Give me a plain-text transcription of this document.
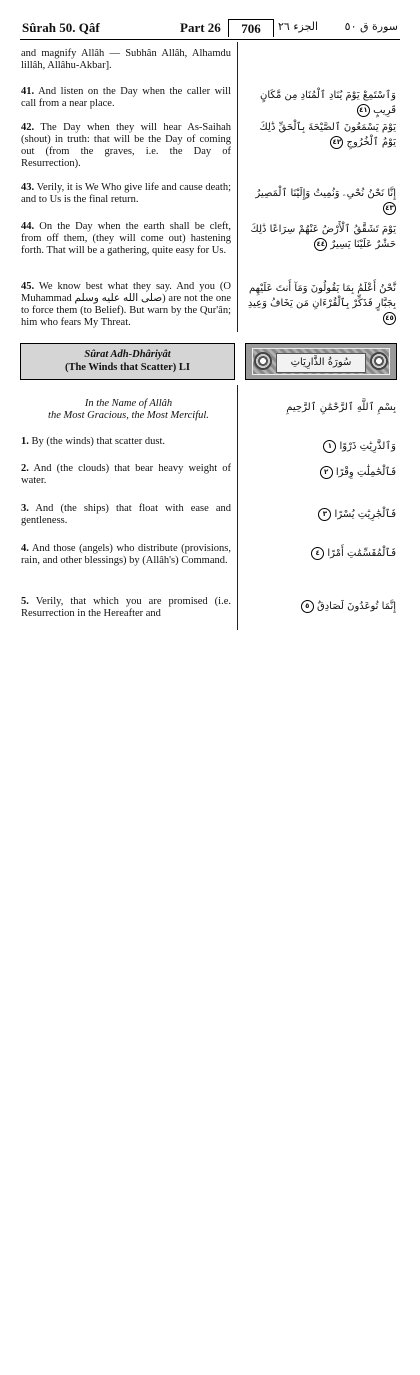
Sûrah 50. Qâf	Part 26	706	الجزء ٢٦ سورة ق ٥٠
and magnify Allâh — Subhân Allâh, Alhamdu lillâh, Allâhu-Akbar].
41. And listen on the Day when the caller will call from a near place.
42. The Day when they will hear As-Saihah (shout) in truth: that will be the Day of coming out (from the graves, i.e. the Day of Resurrection).
43. Verily, it is We Who give life and cause death; and to Us is the final return.
44. On the Day when the earth shall be cleft, from off them, (they will come out) hastening forth. That will be a gathering, quite easy for Us.
45. We know best what they say. And you (O Muhammad صلى الله عليه وسلم) are not the one to force them (to Belief). But warn by the Qur'ân; him who fears My Threat.
وَٱسْتَمِعْ يَوْمَ يُنَادِ ٱلْمُنَادِ مِن مَّكَانٍ قَرِيبٍ ٤١
يَوْمَ يَسْمَعُونَ ٱلصَّيْحَةَ بِٱلْحَقِّ ذَٰلِكَ يَوْمُ ٱلْخُرُوجِ ٤٢
إِنَّا نَحْنُ نُحْىِۦ وَنُمِيتُ وَإِلَيْنَا ٱلْمَصِيرُ ٤٣
يَوْمَ تَشَقَّقُ ٱلْأَرْضُ عَنْهُمْ سِرَاعًا ذَٰلِكَ حَشْرٌ عَلَيْنَا يَسِيرٌ ٤٤
نَّحْنُ أَعْلَمُ بِمَا يَقُولُونَ وَمَآ أَنتَ عَلَيْهِم بِجَبَّارٍ فَذَكِّرْ بِٱلْقُرْءَانِ مَن يَخَافُ وَعِيدِ ٤٥
Sûrat Adh-Dhâriyât
(The Winds that Scatter) LI	سُورَةُ الذَّارِيَاتِ
In the Name of Allâh
the Most Gracious, the Most Merciful.
بِسْمِ ٱللَّهِ ٱلرَّحْمَٰنِ ٱلرَّحِيمِ
1. By (the winds) that scatter dust.
2. And (the clouds) that bear heavy weight of water.
3. And (the ships) that float with ease and gentleness.
4. And those (angels) who distribute (provisions, rain, and other blessings) by (Allâh's) Command.
5. Verily, that which you are promised (i.e. Resurrection in the Hereafter and
وَٱلذَّٰرِيَٰتِ ذَرْوًا ١
فَٱلْحَٰمِلَٰتِ وِقْرًا ٢
فَٱلْجَٰرِيَٰتِ يُسْرًا ٣
فَٱلْمُقَسِّمَٰتِ أَمْرًا ٤
إِنَّمَا تُوعَدُونَ لَصَادِقٌ ٥
